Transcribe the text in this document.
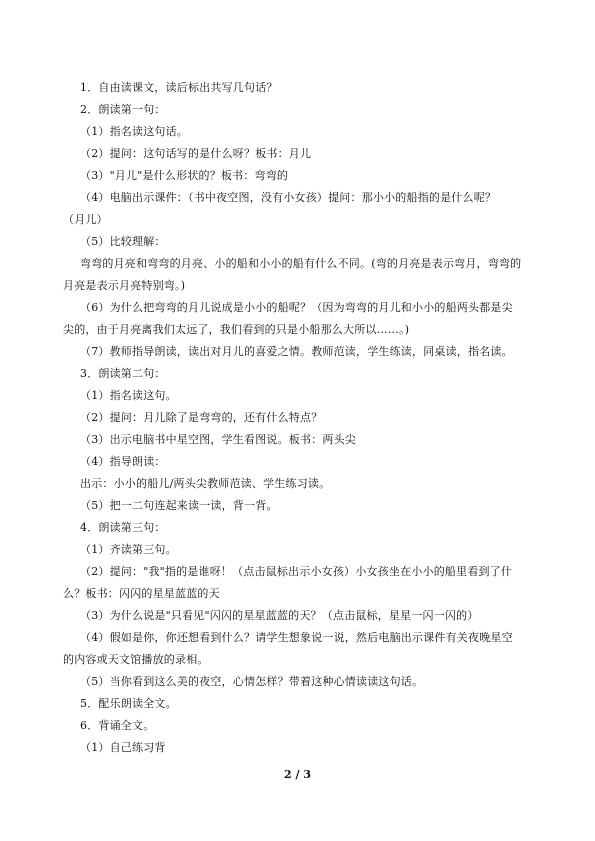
1．自由读课文，读后标出共写几句话？
2．朗读第一句：
（1）指名读这句话。
（2）提问：这句话写的是什么呀？板书：月儿
（3）"月儿"是什么形状的？板书：弯弯的
（4）电脑出示课件：（书中夜空图，没有小女孩）提问：那小小的船指的是什么呢？
（月儿）
（5）比较理解：
弯弯的月亮和弯弯的月亮、小的船和小小的船有什么不同。(弯的月亮是表示弯月，弯弯的
月亮是表示月亮特别弯。)
（6）为什么把弯弯的月儿说成是小小的船呢？（因为弯弯的月儿和小小的船两头都是尖
尖的，由于月亮离我们太远了，我们看到的只是小船那么大所以……。)
（7）教师指导朗读，读出对月儿的喜爱之情。教师范读，学生练读，同桌读，指名读。
3．朗读第二句：
（1）指名读这句。
（2）提问：月儿除了是弯弯的，还有什么特点？
（3）出示电脑书中星空图，学生看图说。板书：两头尖
（4）指导朗读：
出示：小小的船儿/两头尖教师范读、学生练习读。
（5）把一二句连起来读一读，背一背。
4．朗读第三句：
（1）齐读第三句。
（2）提问："我"指的是谁呀！（点击鼠标出示小女孩）小女孩坐在小小的船里看到了什
么？板书：闪闪的星星蓝蓝的天
（3）为什么说是"只看见"闪闪的星星蓝蓝的天？（点击鼠标，星星一闪一闪的）
（4）假如是你，你还想看到什么？请学生想象说一说，然后电脑出示课件有关夜晚星空
的内容或天文馆播放的录相。
（5）当你看到这么美的夜空，心情怎样？带着这种心情读读这句话。
5．配乐朗读全文。
6．背诵全文。
（1）自己练习背
2 / 3
